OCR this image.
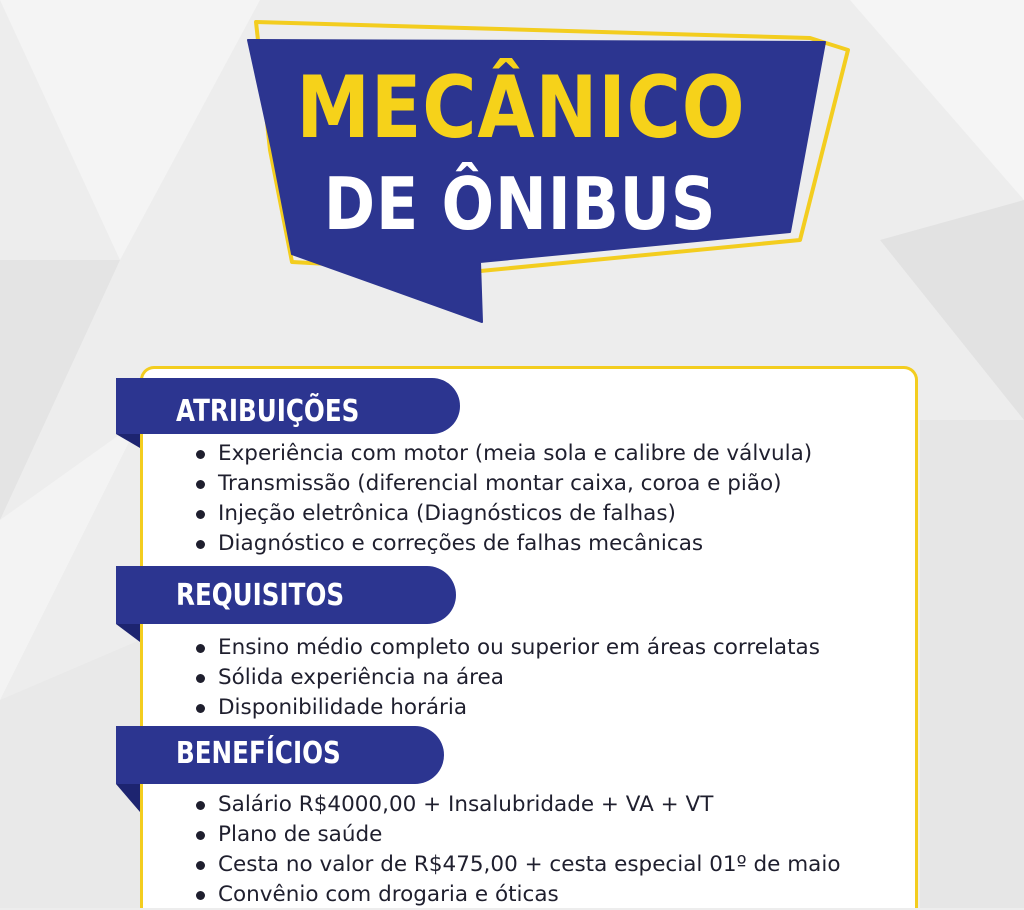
MECÂNICO
DE ÔNIBUS
ATRIBUIÇÕES
Experiência com motor (meia sola e calibre de válvula)
Transmissão (diferencial montar caixa, coroa e pião)
Injeção eletrônica (Diagnósticos de falhas)
Diagnóstico e correções de falhas mecânicas
REQUISITOS
Ensino médio completo ou superior em áreas correlatas
Sólida experiência na área
Disponibilidade horária
BENEFÍCIOS
Salário R$4000,00 + Insalubridade + VA + VT
Plano de saúde
Cesta no valor de R$475,00 + cesta especial 01º de maio
Convênio com drogaria e óticas
